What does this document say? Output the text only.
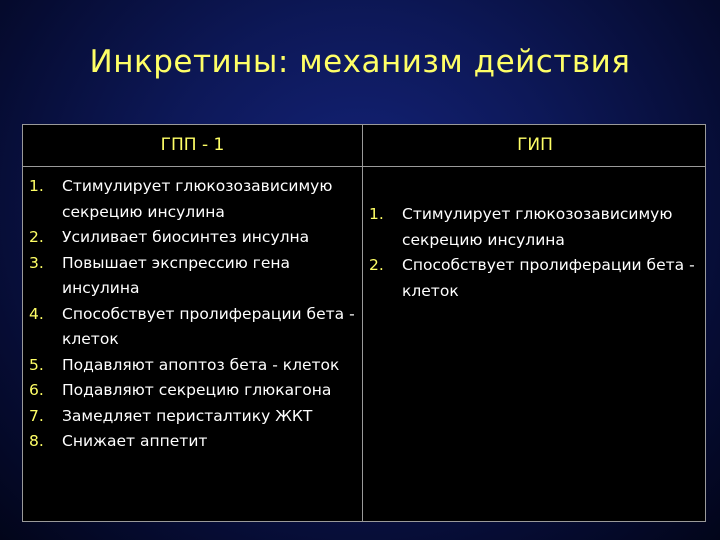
Инкретины: механизм действия
ГПП - 1	ГИП
1. Стимулирует глюкозозависимую секрецию инсулина
2. Усиливает биосинтез инсулна
3. Повышает экспрессию гена инсулина
4. Способствует пролиферации бета - клеток
5. Подавляют апоптоз бета - клеток
6. Подавляют секрецию глюкагона
7. Замедляет перисталтику ЖКТ
8. Снижает аппетит
1. Стимулирует глюкозозависимую секрецию инсулина
2. Способствует пролиферации бета - клеток
